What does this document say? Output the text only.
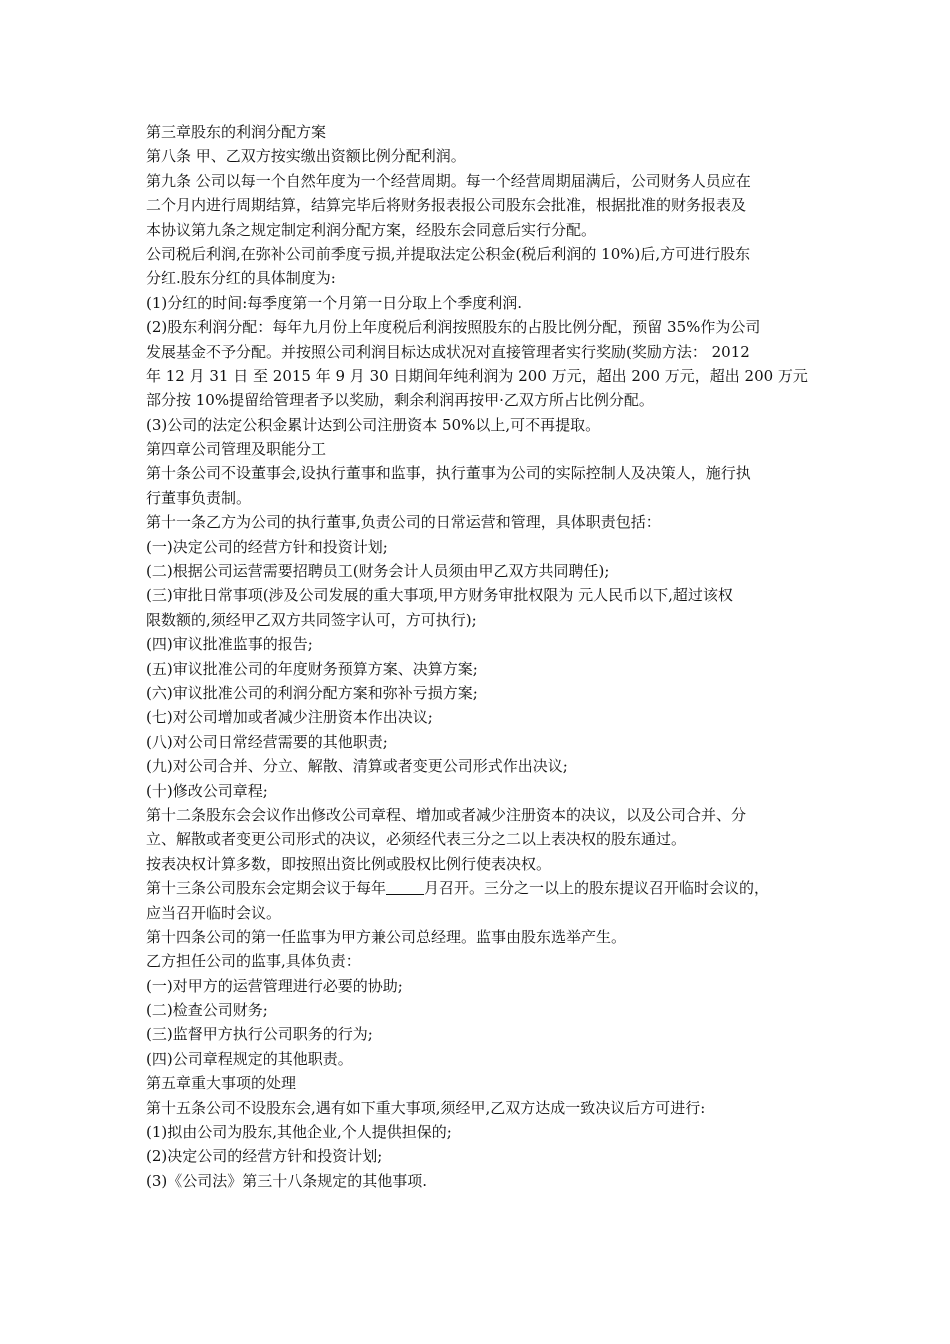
第三章股东的利润分配方案
第八条 甲、乙双方按实缴出资额比例分配利润。
第九条 公司以每一个自然年度为一个经营周期。每一个经营周期届满后，公司财务人员应在
二个月内进行周期结算，结算完毕后将财务报表报公司股东会批准，根据批准的财务报表及
本协议第九条之规定制定利润分配方案，经股东会同意后实行分配。
公司税后利润,在弥补公司前季度亏损,并提取法定公积金(税后利润的 10%)后,方可进行股东
分红.股东分红的具体制度为:
(1)分红的时间:每季度第一个月第一日分取上个季度利润.
(2)股东利润分配：每年九月份上年度税后利润按照股东的占股比例分配，预留 35%作为公司
发展基金不予分配。并按照公司利润目标达成状况对直接管理者实行奖励(奖励方法： 2012
年 12 月 31 日 至 2015 年 9 月 30 日期间年纯利润为 200 万元，超出 200 万元，超出 200 万元
部分按 10%提留给管理者予以奖励，剩余利润再按甲·乙双方所占比例分配。
(3)公司的法定公积金累计达到公司注册资本 50%以上,可不再提取。
第四章公司管理及职能分工
第十条公司不设董事会,设执行董事和监事，执行董事为公司的实际控制人及决策人，施行执
行董事负责制。
第十一条乙方为公司的执行董事,负责公司的日常运营和管理，具体职责包括：
(一)决定公司的经营方针和投资计划;
(二)根据公司运营需要招聘员工(财务会计人员须由甲乙双方共同聘任);
(三)审批日常事项(涉及公司发展的重大事项,甲方财务审批权限为 元人民币以下,超过该权
限数额的,须经甲乙双方共同签字认可，方可执行);
(四)审议批准监事的报告;
(五)审议批准公司的年度财务预算方案、决算方案;
(六)审议批准公司的利润分配方案和弥补亏损方案;
(七)对公司增加或者减少注册资本作出决议;
(八)对公司日常经营需要的其他职责;
(九)对公司合并、分立、解散、清算或者变更公司形式作出决议;
(十)修改公司章程;
第十二条股东会会议作出修改公司章程、增加或者减少注册资本的决议，以及公司合并、分
立、解散或者变更公司形式的决议，必须经代表三分之二以上表决权的股东通过。
按表决权计算多数，即按照出资比例或股权比例行使表决权。
第十三条公司股东会定期会议于每年	月召开。三分之一以上的股东提议召开临时会议的，
应当召开临时会议。
第十四条公司的第一任监事为甲方兼公司总经理。监事由股东选举产生。
乙方担任公司的监事,具体负责：
(一)对甲方的运营管理进行必要的协助;
(二)检查公司财务;
(三)监督甲方执行公司职务的行为;
(四)公司章程规定的其他职责。
第五章重大事项的处理
第十五条公司不设股东会,遇有如下重大事项,须经甲,乙双方达成一致决议后方可进行:
(1)拟由公司为股东,其他企业,个人提供担保的;
(2)决定公司的经营方针和投资计划;
(3)《公司法》第三十八条规定的其他事项.
